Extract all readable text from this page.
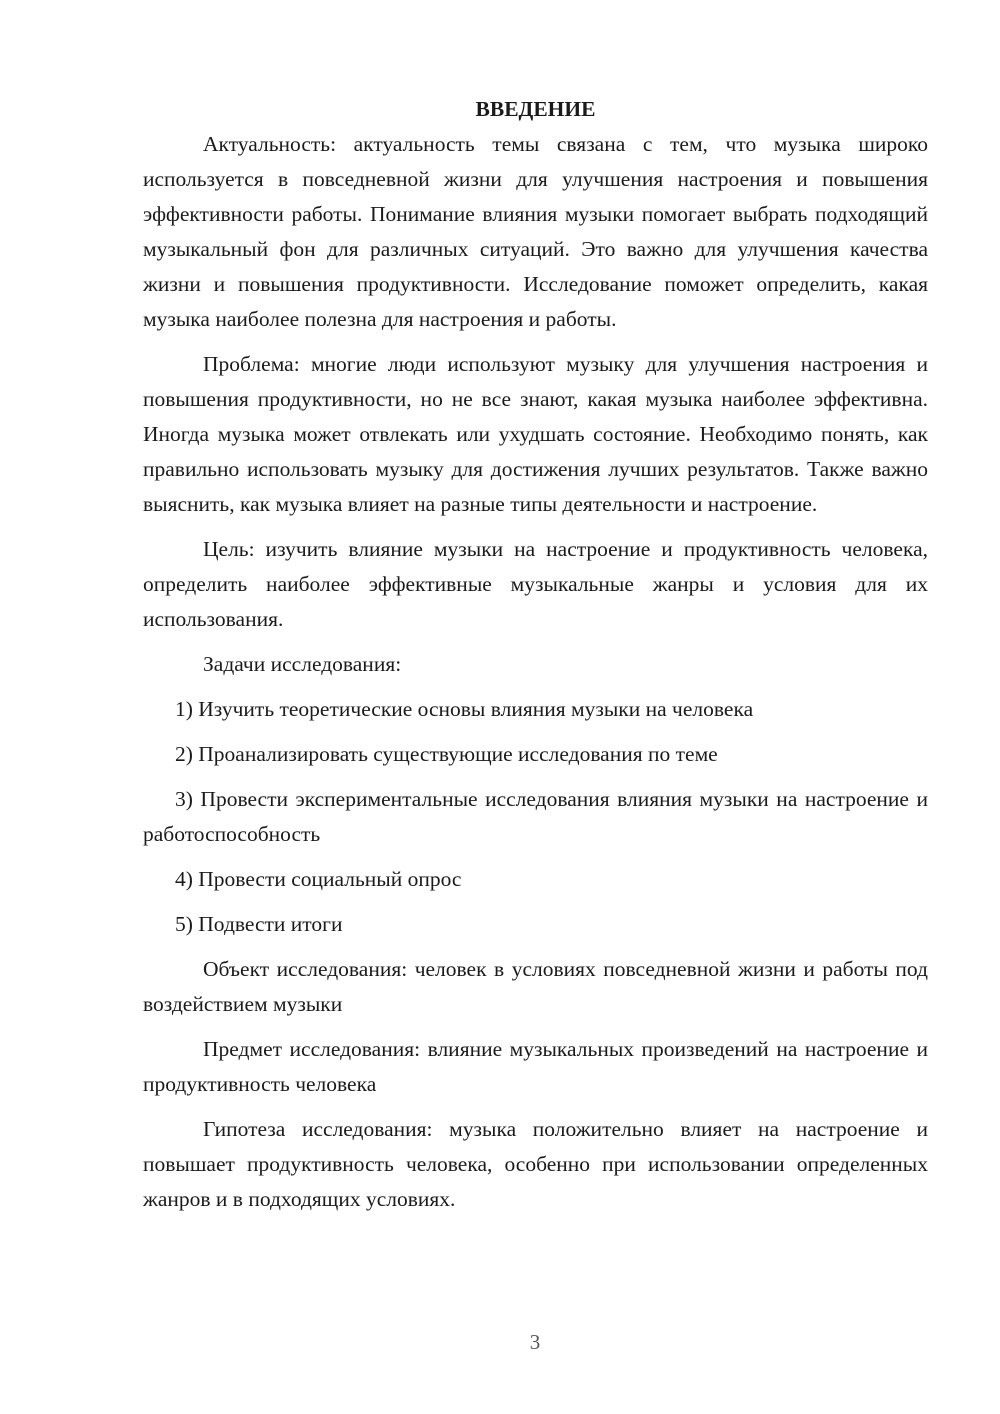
ВВЕДЕНИЕ

Актуальность: актуальность темы связана с тем, что музыка широко используется в повседневной жизни для улучшения настроения и повышения эффективности работы. Понимание влияния музыки помогает выбрать подходящий музыкальный фон для различных ситуаций. Это важно для улучшения качества жизни и повышения продуктивности. Исследование поможет определить, какая музыка наиболее полезна для настроения и работы.

Проблема: многие люди используют музыку для улучшения настроения и повышения продуктивности, но не все знают, какая музыка наиболее эффективна. Иногда музыка может отвлекать или ухудшать состояние. Необходимо понять, как правильно использовать музыку для достижения лучших результатов. Также важно выяснить, как музыка влияет на разные типы деятельности и настроение.

Цель: изучить влияние музыки на настроение и продуктивность человека, определить наиболее эффективные музыкальные жанры и условия для их использования.

Задачи исследования:

1) Изучить теоретические основы влияния музыки на человека

2) Проанализировать существующие исследования по теме

3) Провести экспериментальные исследования влияния музыки на настроение и работоспособность

4) Провести социальный опрос

5) Подвести итоги

Объект исследования: человек в условиях повседневной жизни и работы под воздействием музыки

Предмет исследования: влияние музыкальных произведений на настроение и продуктивность человека

Гипотеза исследования: музыка положительно влияет на настроение и повышает продуктивность человека, особенно при использовании определенных жанров и в подходящих условиях.

3
